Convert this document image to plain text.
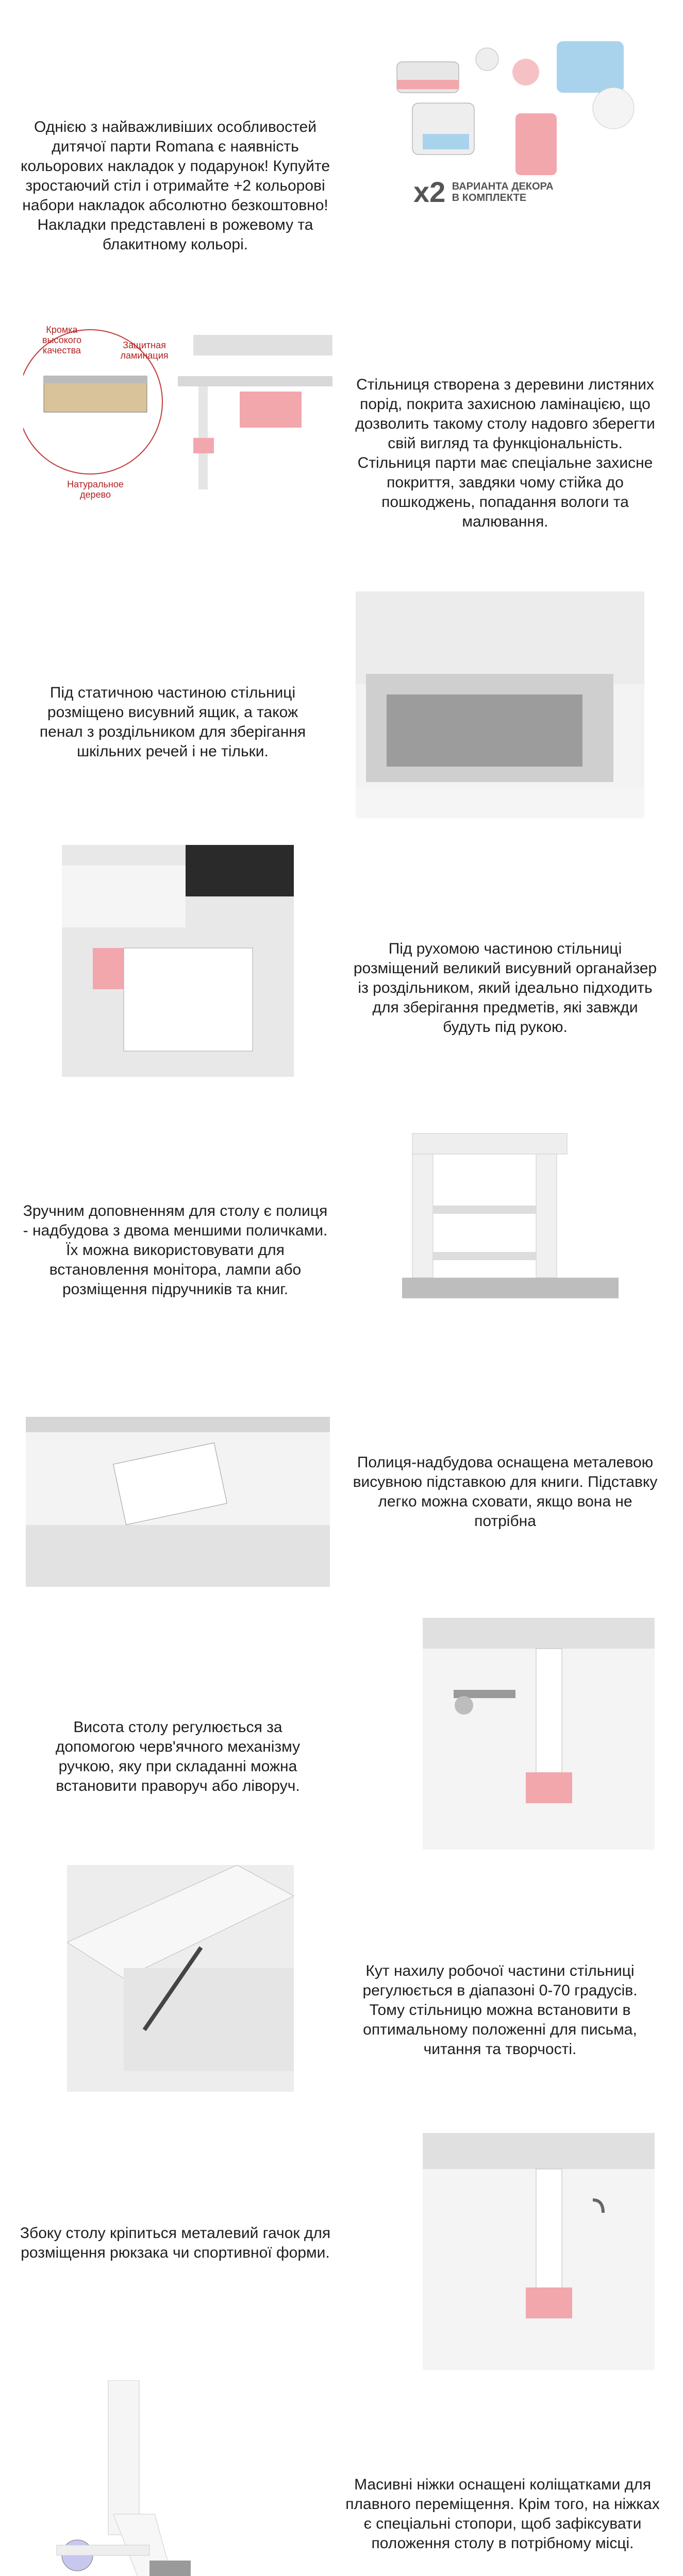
Однією з найважливіших особливостей дитячої парти Romana є наявність кольорових накладок у подарунок! Купуйте зростаючий стіл і отримайте +2 кольорові набори накладок абсолютно безкоштовно! Накладки представлені в рожевому та блакитному кольорі.
x2 ВАРИАНТА ДЕКОРА
В КОМПЛЕКТЕ
Кромка высокого качества	Защитная ламинация
Натуральное дерево
Стільниця створена з деревини листяних порід, покрита захисною ламінацією, що дозволить такому столу надовго зберегти свій вигляд та функціональність. Стільниця парти має спеціальне захисне покриття, завдяки чому стійка до пошкоджень, попадання вологи та малювання.
Під статичною частиною стільниці розміщено висувний ящик, а також пенал з роздільником для зберігання шкільних речей і не тільки.
Під рухомою частиною стільниці розміщений великий висувний органайзер із роздільником, який ідеально підходить для зберігання предметів, які завжди будуть під рукою.
Зручним доповненням для столу є полиця - надбудова з двома меншими поличками. Їх можна використовувати для встановлення монітора, лампи або розміщення підручників та книг.
Полиця-надбудова оснащена металевою висувною підставкою для книги. Підставку легко можна сховати, якщо вона не потрібна
Висота столу регулюється за допомогою черв'ячного механізму ручкою, яку при складанні можна встановити праворуч або ліворуч.
Кут нахилу робочої частини стільниці регулюється в діапазоні 0-70 градусів. Тому стільницю можна встановити в оптимальному положенні для письма, читання та творчості.
Збоку столу кріпиться металевий гачок для розміщення рюкзака чи спортивної форми.
Масивні ніжки оснащені коліщатками для плавного переміщення. Крім того, на ніжках є спеціальні стопори, щоб зафіксувати положення столу в потрібному місці.
